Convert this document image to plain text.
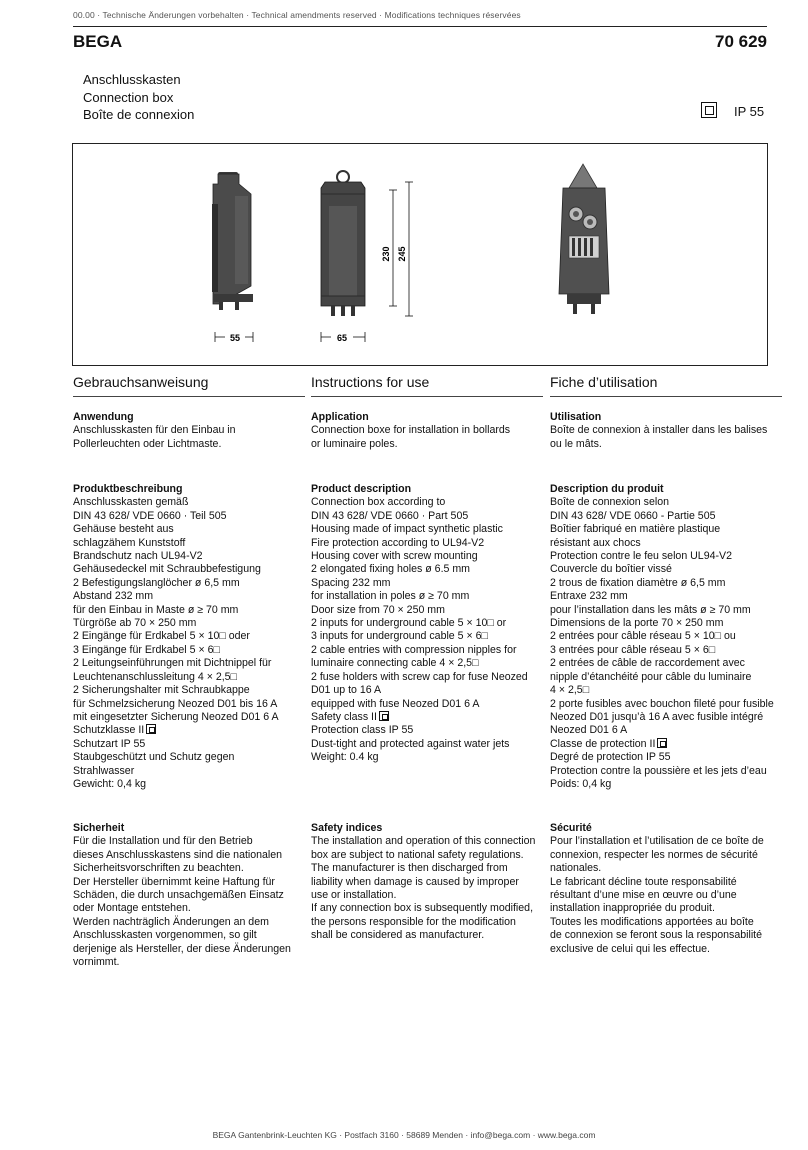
00.00 · Technische Änderungen vorbehalten · Technical amendments reserved · Modifications techniques réservées
BEGA	70 629
Anschlusskasten
Connection box
Boîte de connexion	IP 55
230 245
55	65
Gebrauchsanweisung
Anwendung

Anschlusskasten für den Einbau in
Pollerleuchten oder Lichtmaste.

Produktbeschreibung

Anschlusskasten gemäß
DIN 43 628/ VDE 0660 · Teil 505
Gehäuse besteht aus
schlagzähem Kunststoff
Brandschutz nach UL94-V2
Gehäusedeckel mit Schraubbefestigung
2 Befestigungslanglöcher ø 6,5 mm
Abstand 232 mm
für den Einbau in Maste ø ≥ 70 mm
Türgröße ab 70 × 250 mm
2 Eingänge für Erdkabel 5 × 10□ oder
3 Eingänge für Erdkabel 5 × 6□
2 Leitungseinführungen mit Dichtnippel für
Leuchtenanschlussleitung 4 × 2,5□
2 Sicherungshalter mit Schraubkappe
für Schmelzsicherung Neozed D01 bis 16 A
mit eingesetzter Sicherung Neozed D01 6 A

Schutzklasse II

Schutzart IP 55
Staubgeschützt und Schutz gegen
Strahlwasser
Gewicht: 0,4 kg

Sicherheit

Für die Installation und für den Betrieb
dieses Anschlusskastens sind die nationalen
Sicherheitsvorschriften zu beachten.
Der Hersteller übernimmt keine Haftung für
Schäden, die durch unsachgemäßen Einsatz
oder Montage entstehen.
Werden nachträglich Änderungen an dem
Anschlusskasten vorgenommen, so gilt
derjenige als Hersteller, der diese Änderungen
vornimmt.

Instructions for use
Application

Connection boxe for installation in bollards
or luminaire poles.

Product description

Connection box according to
DIN 43 628/ VDE 0660 · Part 505
Housing made of impact synthetic plastic
Fire protection according to UL94-V2
Housing cover with screw mounting
2 elongated fixing holes ø 6.5 mm
Spacing 232 mm
for installation in poles ø ≥ 70 mm
Door size from 70 × 250 mm
2 inputs for underground cable 5 × 10□ or
3 inputs for underground cable 5 × 6□
2 cable entries with compression nipples for
luminaire connecting cable 4 × 2,5□
2 fuse holders with screw cap for fuse Neozed
D01 up to 16 A
equipped with fuse Neozed D01 6 A

Safety class II

Protection class IP 55
Dust-tight and protected against water jets
Weight: 0.4 kg

Safety indices

The installation and operation of this connection
box are subject to national safety regulations.
The manufacturer is then discharged from
liability when damage is caused by improper
use or installation.
If any connection box is subsequently modified,
the persons responsible for the modification
shall be considered as manufacturer.

Fiche d’utilisation
Utilisation

Boîte de connexion à installer dans les balises
ou le mâts.

Description du produit

Boîte de connexion selon
DIN 43 628/ VDE 0660 - Partie 505
Boîtier fabriqué en matière plastique
résistant aux chocs
Protection contre le feu selon UL94-V2
Couvercle du boîtier vissé
2 trous de fixation diamètre ø 6,5 mm
Entraxe 232 mm
pour l’installation dans les mâts ø ≥ 70 mm
Dimensions de la porte 70 × 250 mm
2 entrées pour câble réseau 5 × 10□ ou
3 entrées pour câble réseau 5 × 6□
2 entrées de câble de raccordement avec
nipple d’étanchéité pour câble du luminaire
4 × 2,5□
2 porte fusibles avec bouchon fileté pour fusible
Neozed D01 jusqu’à 16 A avec fusible intégré
Neozed D01 6 A

Classe de protection II

Degré de protection IP 55
Protection contre la poussière et les jets d’eau
Poids: 0,4 kg

Sécurité

Pour l’installation et l’utilisation de ce boîte de
connexion, respecter les normes de sécurité
nationales.
Le fabricant décline toute responsabilité
résultant d’une mise en œuvre ou d’une
installation inappropriée du produit.
Toutes les modifications apportées au boîte
de connexion se feront sous la responsabilité
exclusive de celui qui les effectue.

BEGA Gantenbrink-Leuchten KG · Postfach 3160 · 58689 Menden · info@bega.com · www.bega.com
